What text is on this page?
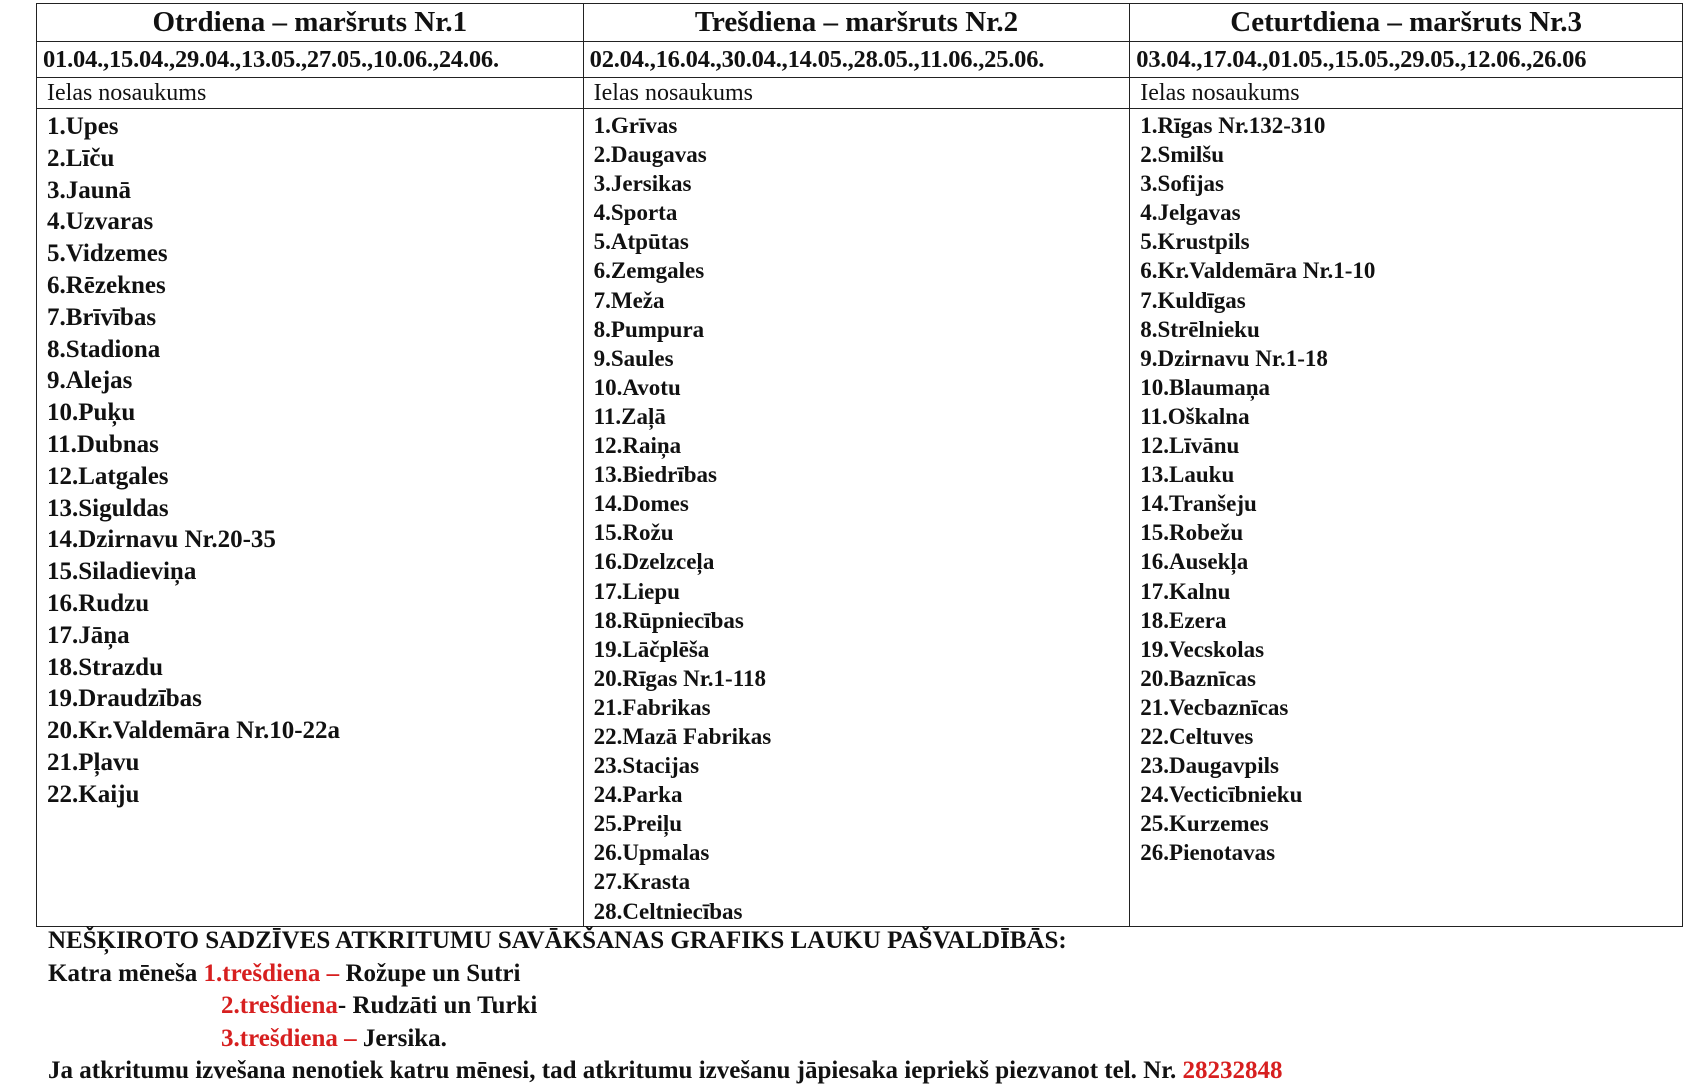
Otrdiena – maršruts Nr.1	Trešdiena – maršruts Nr.2	Ceturtdiena – maršruts Nr.3
01.04.,15.04.,29.04.,13.05.,27.05.,10.06.,24.06.	02.04.,16.04.,30.04.,14.05.,28.05.,11.06.,25.06.	03.04.,17.04.,01.05.,15.05.,29.05.,12.06.,26.06
Ielas nosaukums	Ielas nosaukums	Ielas nosaukums

1.Upes
2.Līču
3.Jaunā
4.Uzvaras
5.Vidzemes
6.Rēzeknes
7.Brīvības
8.Stadiona
9.Alejas
10.Puķu
11.Dubnas
12.Latgales
13.Siguldas
14.Dzirnavu Nr.20-35
15.Siladieviņa
16.Rudzu
17.Jāņa
18.Strazdu
19.Draudzības
20.Kr.Valdemāra Nr.10-22a
21.Pļavu
22.Kaiju

1.Grīvas
2.Daugavas
3.Jersikas
4.Sporta
5.Atpūtas
6.Zemgales
7.Meža
8.Pumpura
9.Saules
10.Avotu
11.Zaļā
12.Raiņa
13.Biedrības
14.Domes
15.Rožu
16.Dzelzceļa
17.Liepu
18.Rūpniecības
19.Lāčplēša
20.Rīgas Nr.1-118
21.Fabrikas
22.Mazā Fabrikas
23.Stacijas
24.Parka
25.Preiļu
26.Upmalas
27.Krasta
28.Celtniecības

1.Rīgas Nr.132-310
2.Smilšu
3.Sofijas
4.Jelgavas
5.Krustpils
6.Kr.Valdemāra Nr.1-10
7.Kuldīgas
8.Strēlnieku
9.Dzirnavu Nr.1-18
10.Blaumaņa
11.Oškalna
12.Līvānu
13.Lauku
14.Tranšeju
15.Robežu
16.Ausekļa
17.Kalnu
18.Ezera
19.Vecskolas
20.Baznīcas
21.Vecbaznīcas
22.Celtuves
23.Daugavpils
24.Vecticībnieku
25.Kurzemes
26.Pienotavas
NEŠĶIROTO SADZĪVES ATKRITUMU SAVĀKŠANAS GRAFIKS LAUKU PAŠVALDĪBĀS:
Katra mēneša 1.trešdiena – Rožupe un Sutri
2.trešdiena- Rudzāti un Turki
3.trešdiena – Jersika.
Ja atkritumu izvešana nenotiek katru mēnesi, tad atkritumu izvešanu jāpiesaka iepriekš piezvanot tel. Nr. 28232848
